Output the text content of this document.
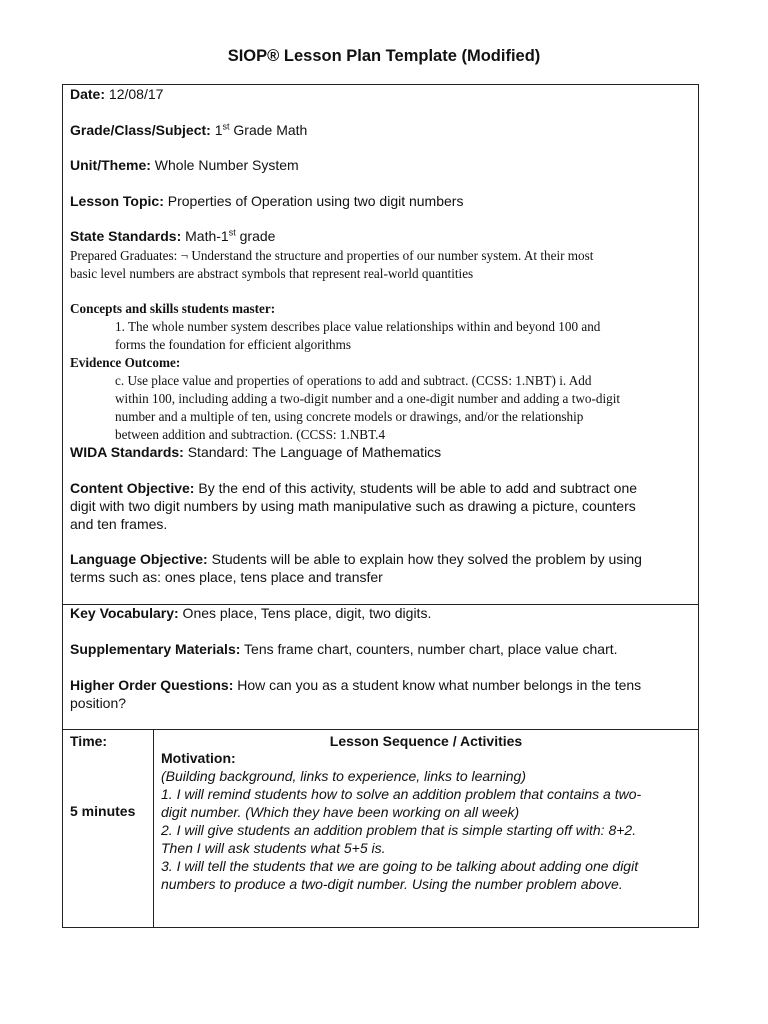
SIOP® Lesson Plan Template (Modified)
Date: 12/08/17
Grade/Class/Subject: 1st Grade Math
Unit/Theme: Whole Number System
Lesson Topic: Properties of Operation using two digit numbers
State Standards: Math-1st grade
Prepared Graduates: ¬ Understand the structure and properties of our number system. At their most
basic level numbers are abstract symbols that represent real-world quantities
Concepts and skills students master:
1. The whole number system describes place value relationships within and beyond 100 and
forms the foundation for efficient algorithms
Evidence Outcome:
c. Use place value and properties of operations to add and subtract. (CCSS: 1.NBT) i. Add
within 100, including adding a two-digit number and a one-digit number and adding a two-digit
number and a multiple of ten, using concrete models or drawings, and/or the relationship
between addition and subtraction. (CCSS: 1.NBT.4
WIDA Standards: Standard: The Language of Mathematics
Content Objective: By the end of this activity, students will be able to add and subtract one
digit with two digit numbers by using math manipulative such as drawing a picture, counters
and ten frames.
Language Objective: Students will be able to explain how they solved the problem by using
terms such as: ones place, tens place and transfer
Key Vocabulary: Ones place, Tens place, digit, two digits.
Supplementary Materials: Tens frame chart, counters, number chart, place value chart.
Higher Order Questions: How can you as a student know what number belongs in the tens
position?
Time:
5 minutes
Lesson Sequence / Activities
Motivation:
(Building background, links to experience, links to learning)
1. I will remind students how to solve an addition problem that contains a two-
digit number. (Which they have been working on all week)
2. I will give students an addition problem that is simple starting off with: 8+2.
Then I will ask students what 5+5 is.
3. I will tell the students that we are going to be talking about adding one digit
numbers to produce a two-digit number. Using the number problem above.
